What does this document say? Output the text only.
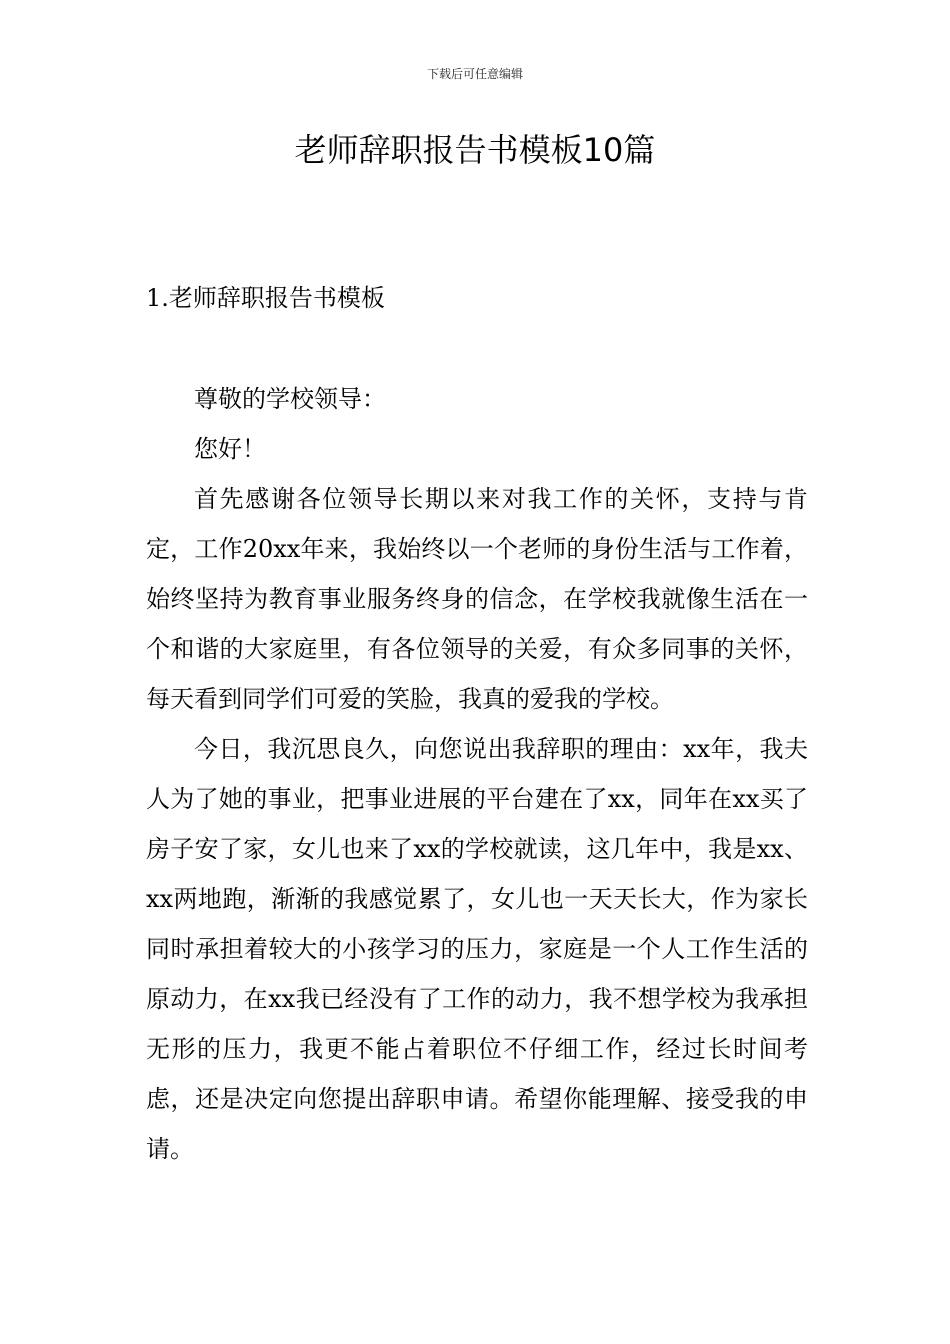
下载后可任意编辑
老师辞职报告书模板10篇
1.老师辞职报告书模板

尊敬的学校领导：

您好！

首先感谢各位领导长期以来对我工作的关怀，支持与肯定，工作20xx年来，我始终以一个老师的身份生活与工作着，始终坚持为教育事业服务终身的信念，在学校我就像生活在一个和谐的大家庭里，有各位领导的关爱，有众多同事的关怀，每天看到同学们可爱的笑脸，我真的爱我的学校。

今日，我沉思良久，向您说出我辞职的理由：xx年，我夫人为了她的事业，把事业进展的平台建在了xx，同年在xx买了房子安了家，女儿也来了xx的学校就读，这几年中，我是xx、xx两地跑，渐渐的我感觉累了，女儿也一天天长大，作为家长同时承担着较大的小孩学习的压力，家庭是一个人工作生活的原动力，在xx我已经没有了工作的动力，我不想学校为我承担无形的压力，我更不能占着职位不仔细工作，经过长时间考虑，还是决定向您提出辞职申请。希望你能理解、接受我的申请。
